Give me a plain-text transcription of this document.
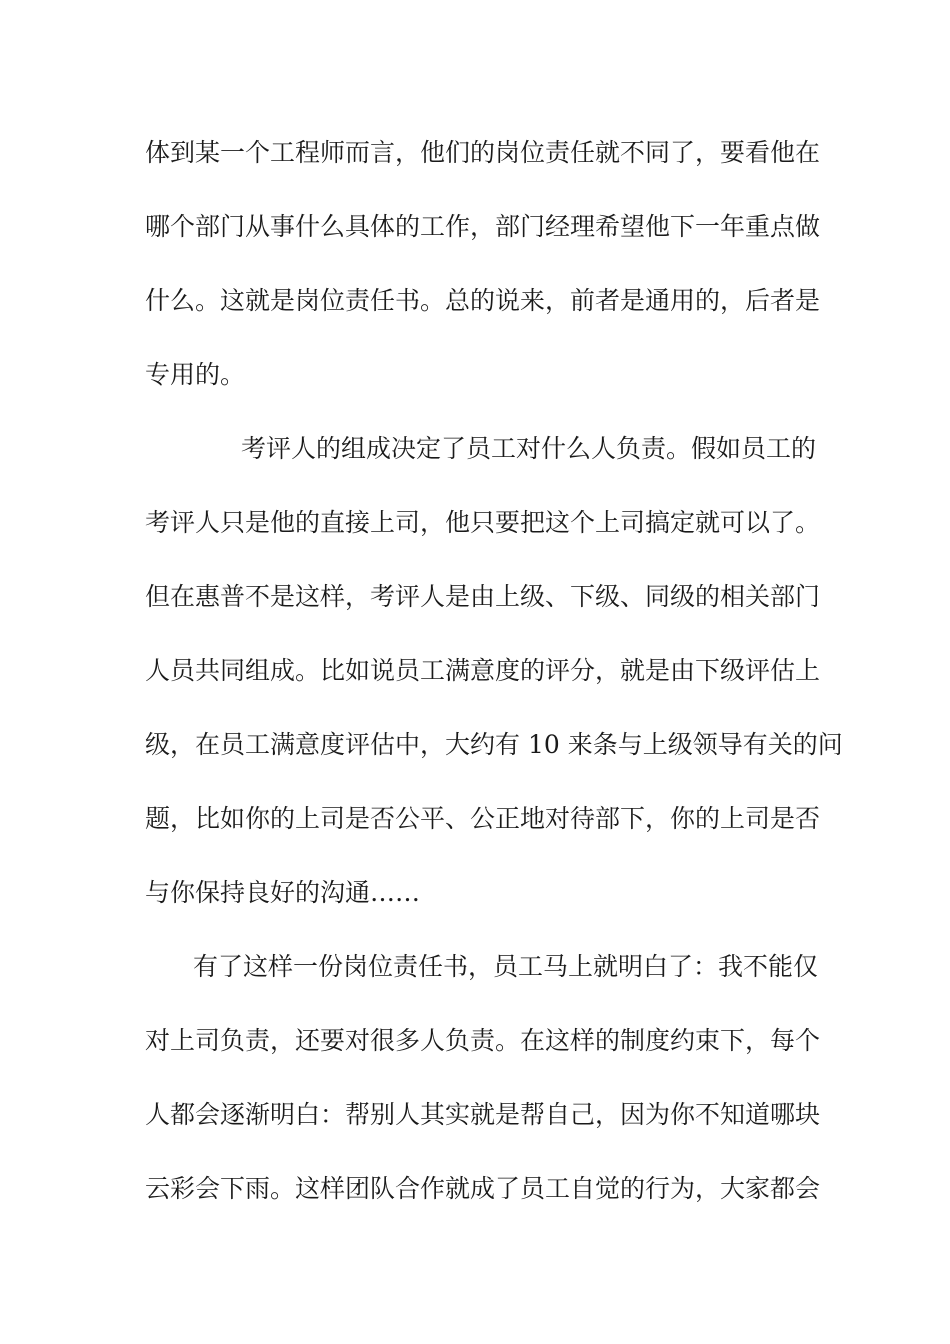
体到某一个工程师而言，他们的岗位责任就不同了，要看他在
哪个部门从事什么具体的工作，部门经理希望他下一年重点做
什么。这就是岗位责任书。总的说来，前者是通用的，后者是
专用的。
考评人的组成决定了员工对什么人负责。假如员工的
考评人只是他的直接上司，他只要把这个上司搞定就可以了。
但在惠普不是这样，考评人是由上级、下级、同级的相关部门
人员共同组成。比如说员工满意度的评分，就是由下级评估上
级，在员工满意度评估中，大约有 10 来条与上级领导有关的问
题，比如你的上司是否公平、公正地对待部下，你的上司是否
与你保持良好的沟通……
有了这样一份岗位责任书，员工马上就明白了：我不能仅
对上司负责，还要对很多人负责。在这样的制度约束下，每个
人都会逐渐明白：帮别人其实就是帮自己，因为你不知道哪块
云彩会下雨。这样团队合作就成了员工自觉的行为，大家都会
